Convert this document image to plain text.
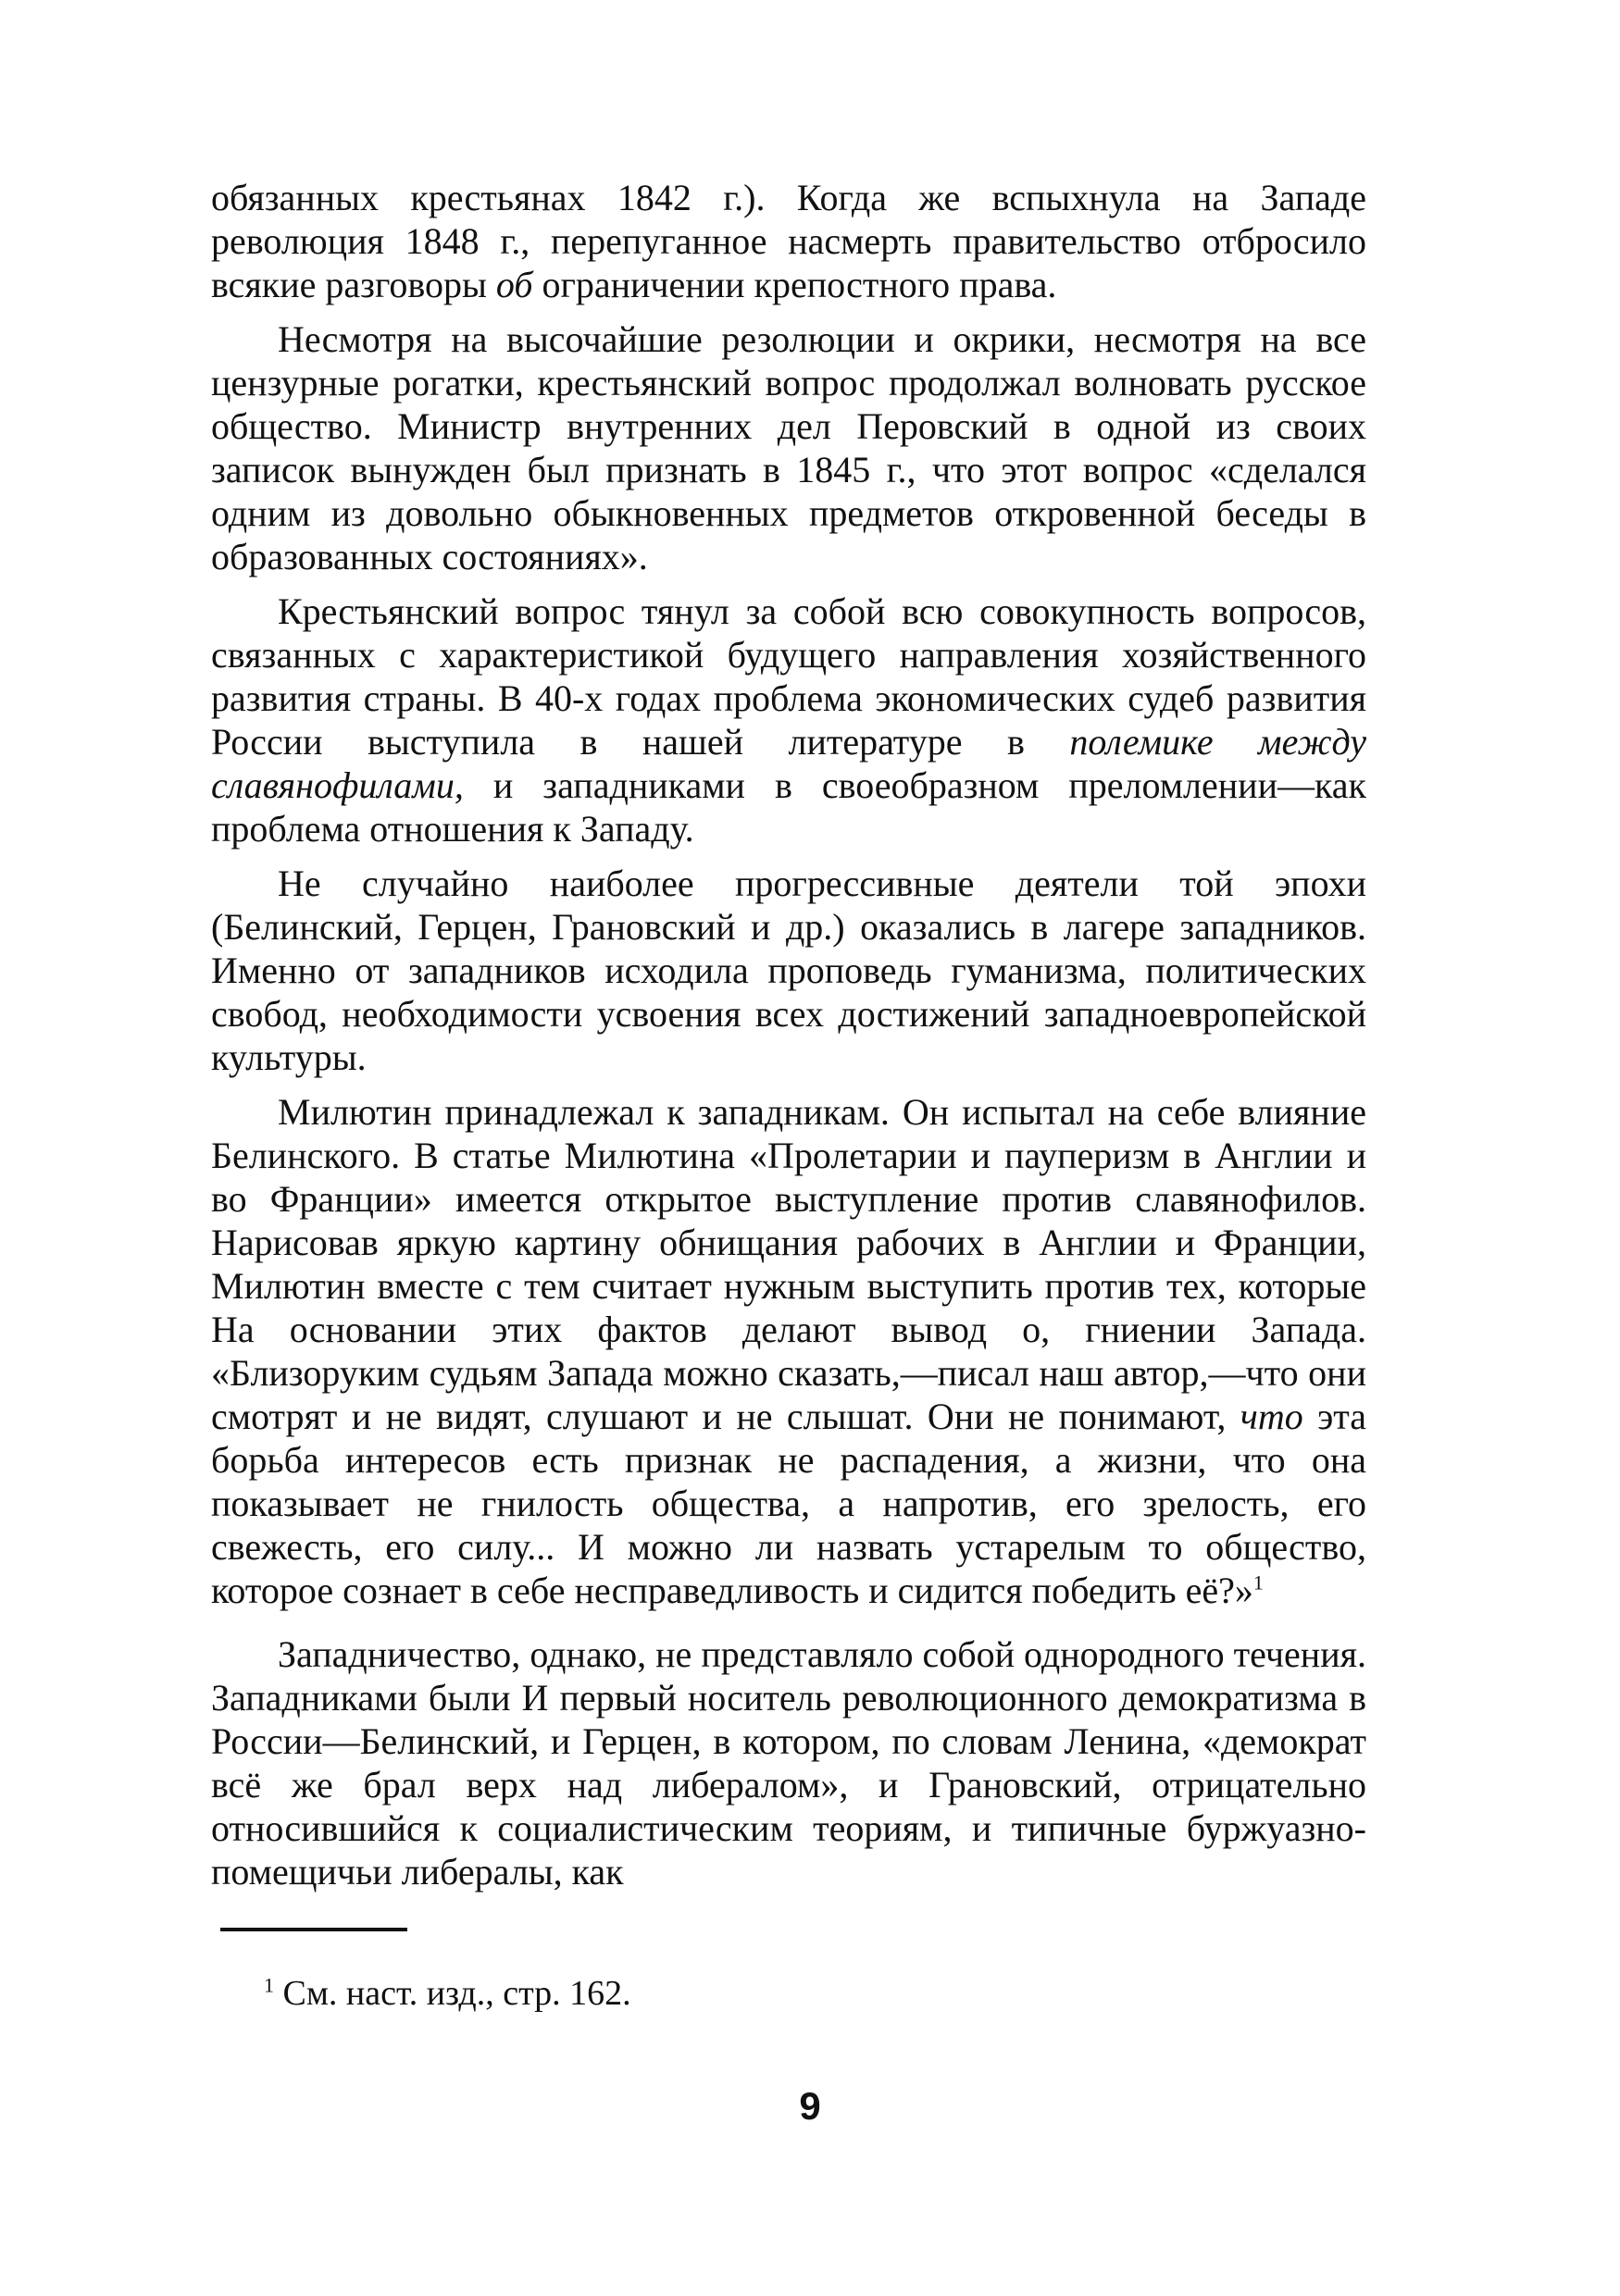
обязанных крестьянах 1842 г.). Когда же вспыхнула на Западе революция 1848 г., перепуганное насмерть правительство отбросило всякие разговоры об ограничении крепостного права.

Несмотря на высочайшие резолюции и окрики, несмотря на все цензурные рогатки, крестьянский вопрос продолжал волновать русское общество. Министр внутренних дел Перовский в одной из своих записок вынужден был признать в 1845 г., что этот вопрос «сделался одним из довольно обыкновенных предметов откровенной беседы в образованных состояниях».

Крестьянский вопрос тянул за собой всю совокупность вопросов, связанных с характеристикой будущего направления хозяйственного развития страны. В 40-х годах проблема экономических судеб развития России выступила в нашей литературе в полемике между славянофилами, и западниками в своеобразном преломлении—как проблема отношения к Западу.

Не случайно наиболее прогрессивные деятели той эпохи (Белинский, Герцен, Грановский и др.) оказались в лагере западников. Именно от западников исходила проповедь гуманизма, политических свобод, необходимости усвоения всех достижений западноевропейской культуры.

Милютин принадлежал к западникам. Он испытал на себе влияние Белинского. В статье Милютина «Пролетарии и пауперизм в Англии и во Франции» имеется открытое выступление против славянофилов. Нарисовав яркую картину обнищания рабочих в Англии и Франции, Милютин вместе с тем считает нужным выступить против тех, которые На основании этих фактов делают вывод о, гниении Запада. «Близоруким судьям Запада можно сказать,—писал наш автор,—что они смотрят и не видят, слушают и не слышат. Они не понимают, что эта борьба интересов есть признак не распадения, а жизни, что она показывает не гнилость общества, а напротив, его зрелость, его свежесть, его силу... И можно ли назвать устарелым то общество, которое сознает в себе несправедливость и сидится победить её?»$^1$

Западничество, однако, не представляло собой однородного течения. Западниками были И первый носитель революционного демократизма в России—Белинский, и Герцен, в котором, по словам Ленина, «демократ всё же брал верх над либералом», и Грановский, отрицательно относившийся к социалистическим теориям, и типичные буржуазно-помещичьи либералы, как

$^1$ См. наст. изд., стр. 162.
9
